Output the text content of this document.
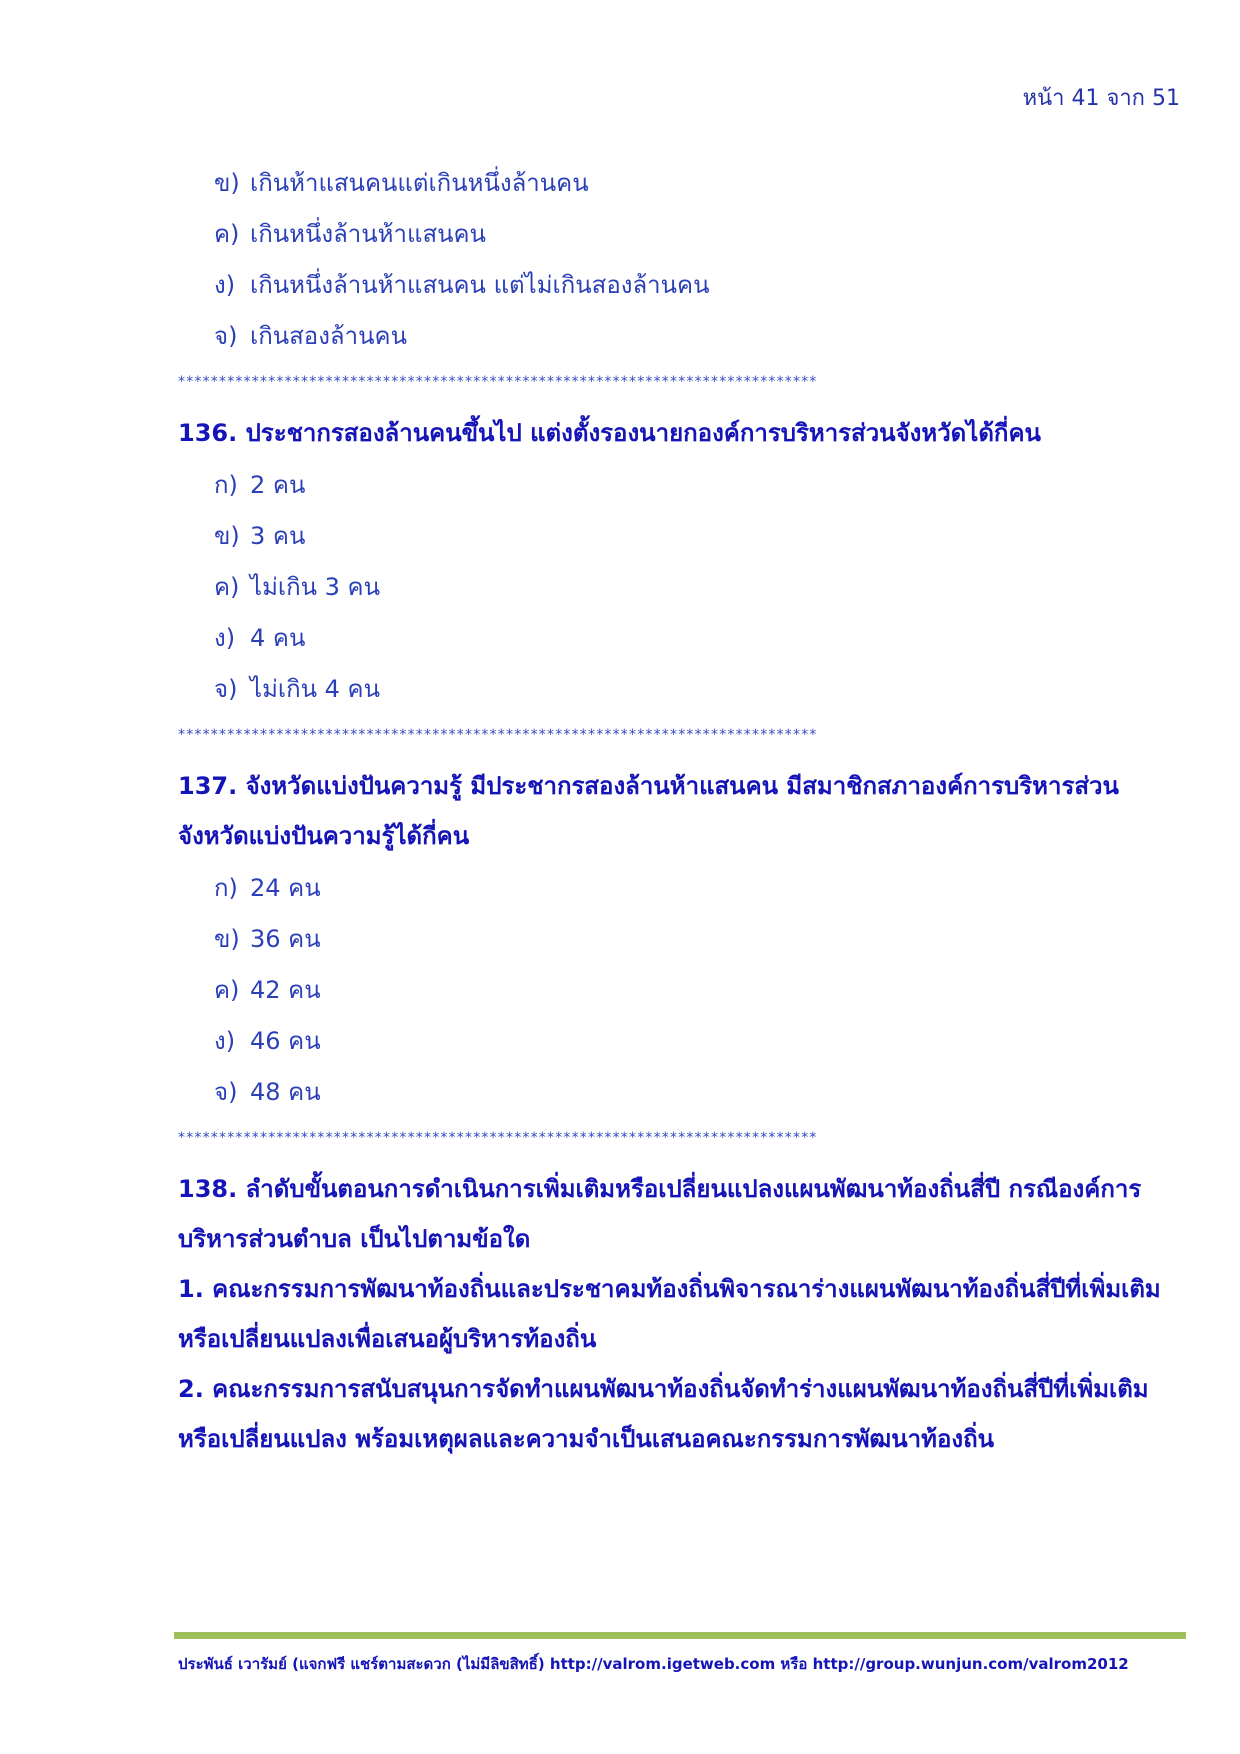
หน้า 41 จาก 51
ข) เกินห้าแสนคนแต่เกินหนึ่งล้านคน
ค) เกินหนึ่งล้านห้าแสนคน
ง) เกินหนึ่งล้านห้าแสนคน แต่ไม่เกินสองล้านคน
จ) เกินสองล้านคน
******************************************************************************
136. ประชากรสองล้านคนขึ้นไป แต่งตั้งรองนายกองค์การบริหารส่วนจังหวัดได้กี่คน
ก) 2 คน
ข) 3 คน
ค) ไม่เกิน 3 คน
ง) 4 คน
จ) ไม่เกิน 4 คน
******************************************************************************
137. จังหวัดแบ่งปันความรู้ มีประชากรสองล้านห้าแสนคน มีสมาชิกสภาองค์การบริหารส่วนจังหวัดแบ่งปันความรู้ได้กี่คน
ก) 24 คน
ข) 36 คน
ค) 42 คน
ง) 46 คน
จ) 48 คน
******************************************************************************
138. ลำดับขั้นตอนการดำเนินการเพิ่มเติมหรือเปลี่ยนแปลงแผนพัฒนาท้องถิ่นสี่ปี กรณีองค์การบริหารส่วนตำบล เป็นไปตามข้อใด
1. คณะกรรมการพัฒนาท้องถิ่นและประชาคมท้องถิ่นพิจารณาร่างแผนพัฒนาท้องถิ่นสี่ปีที่เพิ่มเติมหรือเปลี่ยนแปลงเพื่อเสนอผู้บริหารท้องถิ่น
2. คณะกรรมการสนับสนุนการจัดทำแผนพัฒนาท้องถิ่นจัดทำร่างแผนพัฒนาท้องถิ่นสี่ปีที่เพิ่มเติม หรือเปลี่ยนแปลง พร้อมเหตุผลและความจำเป็นเสนอคณะกรรมการพัฒนาท้องถิ่น
ประพันธ์ เวารัมย์ (แจกฟรี แชร์ตามสะดวก (ไม่มีลิขสิทธิ์) http://valrom.igetweb.com หรือ http://group.wunjun.com/valrom2012
